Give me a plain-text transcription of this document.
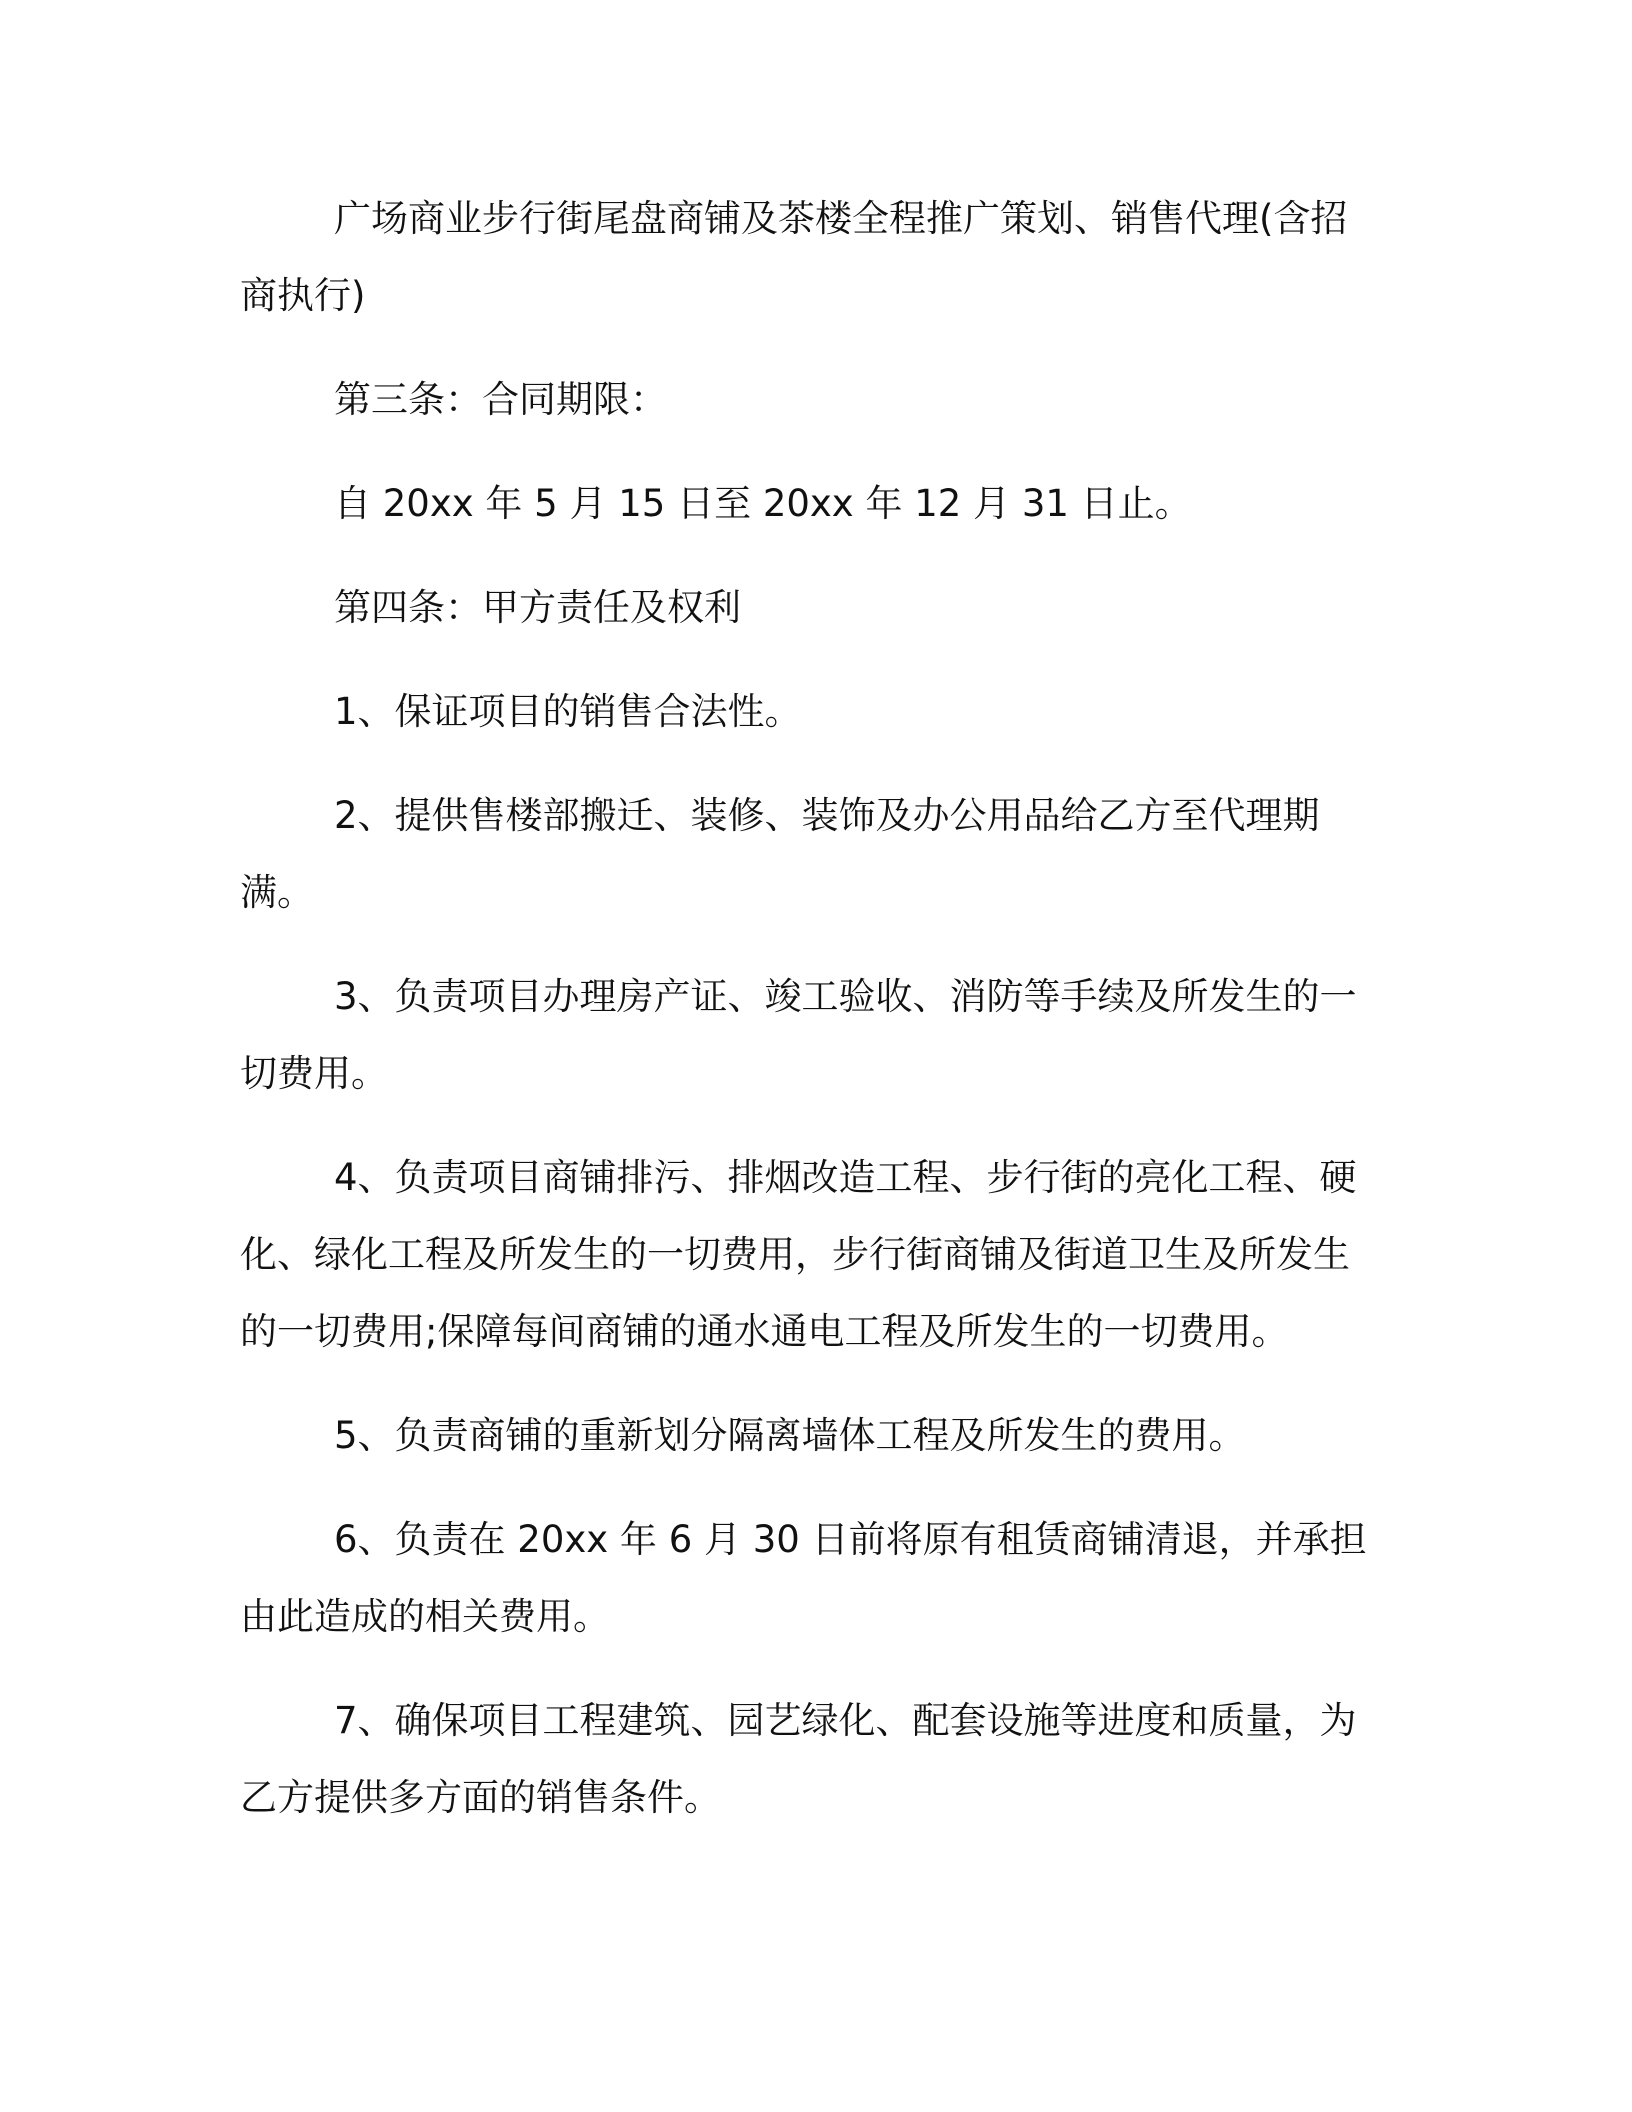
广场商业步行街尾盘商铺及茶楼全程推广策划、销售代理(含招商执行)

第三条：合同期限：

自 20xx 年 5 月 15 日至 20xx 年 12 月 31 日止。

第四条：甲方责任及权利

1、保证项目的销售合法性。

2、提供售楼部搬迁、装修、装饰及办公用品给乙方至代理期满。

3、负责项目办理房产证、竣工验收、消防等手续及所发生的一切费用。

4、负责项目商铺排污、排烟改造工程、步行街的亮化工程、硬化、绿化工程及所发生的一切费用，步行街商铺及街道卫生及所发生的一切费用;保障每间商铺的通水通电工程及所发生的一切费用。

5、负责商铺的重新划分隔离墙体工程及所发生的费用。

6、负责在 20xx 年 6 月 30 日前将原有租赁商铺清退，并承担由此造成的相关费用。

7、确保项目工程建筑、园艺绿化、配套设施等进度和质量，为乙方提供多方面的销售条件。
